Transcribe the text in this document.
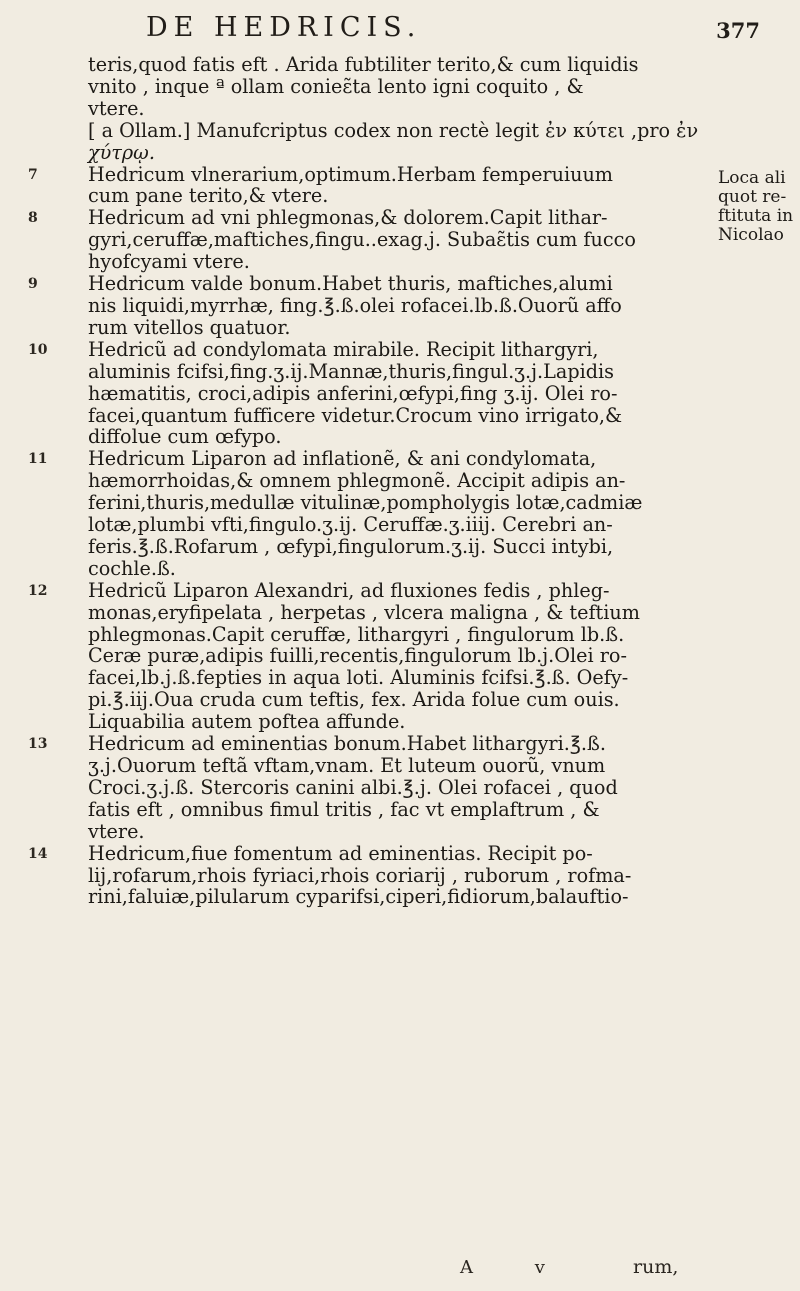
DE HEDRICIS.	377
teris,quod fatis eft . Arida fubtiliter terito,& cum liquidis
vnito , inque ª ollam conieɛ̃ta lento igni coquito , &
vtere.
[ a Ollam.] Manufcriptus codex non rectè legit ἐν κύτει ,pro ἐν
χύτρῳ.
7	Hedricum vlnerarium,optimum.Herbam femperuiuum
cum pane terito,& vtere.
8	Hedricum ad vni phlegmonas,& dolorem.Capit lithar-
gyri,ceruffæ,maftiches,fingu..exag.j. Subaɛ̃tis cum fucco
hyofcyami vtere.
9	Hedricum valde bonum.Habet thuris, maftiches,alumi
nis liquidi,myrrhæ, fing.℥.ß.olei rofacei.lb.ß.Ouorũ affo
rum vitellos quatuor.
10 Hedricũ ad condylomata mirabile. Recipit lithargyri,
aluminis fcifsi,fing.ʒ.ij.Mannæ,thuris,fingul.ʒ.j.Lapidis
hæmatitis, croci,adipis anferini,œfypi,fing ʒ.ij. Olei ro-
facei,quantum fufficere videtur.Crocum vino irrigato,&
diffolue cum œfypo.
11 Hedricum Liparon ad inflationẽ, & ani condylomata,
hæmorrhoidas,& omnem phlegmonẽ. Accipit adipis an-
ferini,thuris,medullæ vitulinæ,pompholygis lotæ,cadmiæ
lotæ,plumbi vfti,fingulo.ʒ.ij. Ceruffæ.ʒ.iiij. Cerebri an-
feris.℥.ß.Rofarum , œfypi,fingulorum.ʒ.ij. Succi intybi,
cochle.ß.
12 Hedricũ Liparon Alexandri, ad fluxiones fedis , phleg-
monas,eryfipelata , herpetas , vlcera maligna , & teftium
phlegmonas.Capit ceruffæ, lithargyri , fingulorum lb.ß.
Ceræ puræ,adipis fuilli,recentis,fingulorum lb.j.Olei ro-
facei,lb.j.ß.fepties in aqua loti. Aluminis fcifsi.℥.ß. Oefy-
pi.℥.iij.Oua cruda cum teftis, fex. Arida folue cum ouis.
Liquabilia autem poftea affunde.
13 Hedricum ad eminentias bonum.Habet lithargyri.℥.ß.
ʒ.j.Ouorum teftã vftam,vnam. Et luteum ouorũ, vnum
Croci.ʒ.j.ß. Stercoris canini albi.℥.j. Olei rofacei , quod
fatis eft , omnibus fimul tritis , fac vt emplaftrum , &
vtere.
14 Hedricum,fiue fomentum ad eminentias. Recipit po-
lij,rofarum,rhois fyriaci,rhois coriarij , ruborum , rofma-
rini,faluiæ,pilularum cyparifsi,ciperi,fidiorum,balauftio-
Loca ali
quot re-
ftituta in
Nicolao
A v	rum,
